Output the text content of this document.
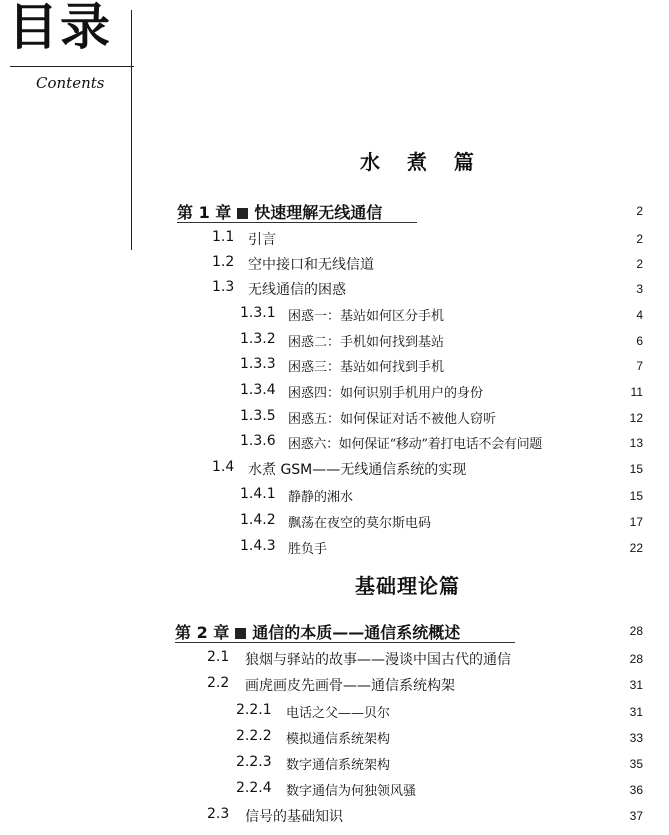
目录
Contents
水 煮 篇
第 1 章 快速理解无线通信	2
1.1 引言	2
1.2 空中接口和无线信道	2
1.3 无线通信的困惑	3
1.3.1 困惑一：基站如何区分手机	4
1.3.2 困惑二：手机如何找到基站	6
1.3.3 困惑三：基站如何找到手机	7
1.3.4 困惑四：如何识别手机用户的身份	11
1.3.5 困惑五：如何保证对话不被他人窃听	12
1.3.6 困惑六：如何保证“移动”着打电话不会有问题	13
1.4 水煮 GSM——无线通信系统的实现	15
1.4.1 静静的湘水	15
1.4.2 飘荡在夜空的莫尔斯电码	17
1.4.3 胜负手	22
基础理论篇
第 2 章 通信的本质——通信系统概述	28
2.1 狼烟与驿站的故事——漫谈中国古代的通信	28
2.2 画虎画皮先画骨——通信系统构架	31
2.2.1 电话之父——贝尔	31
2.2.2 模拟通信系统架构	33
2.2.3 数字通信系统架构	35
2.2.4 数字通信为何独领风骚	36
2.3 信号的基础知识	37
